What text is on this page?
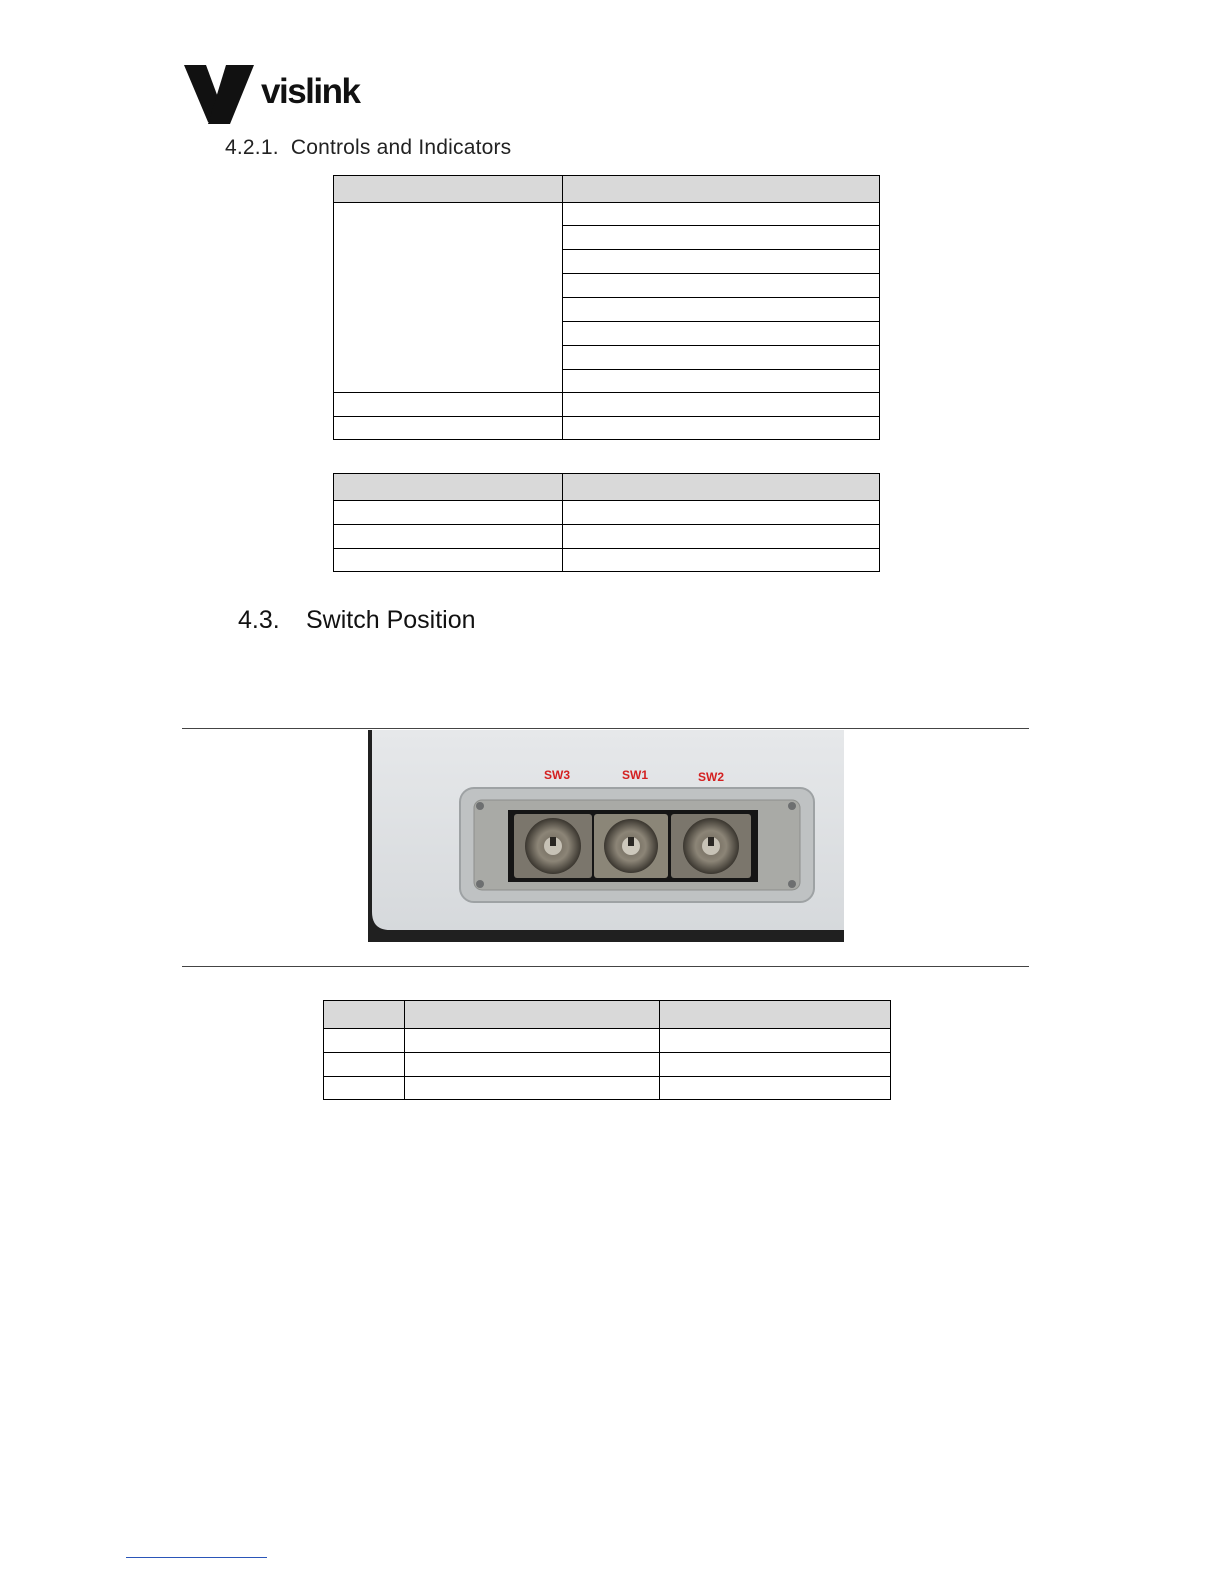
vislink
4.2.1. Controls and Indicators

4.3. Switch Position
SW3	SW1	SW2
